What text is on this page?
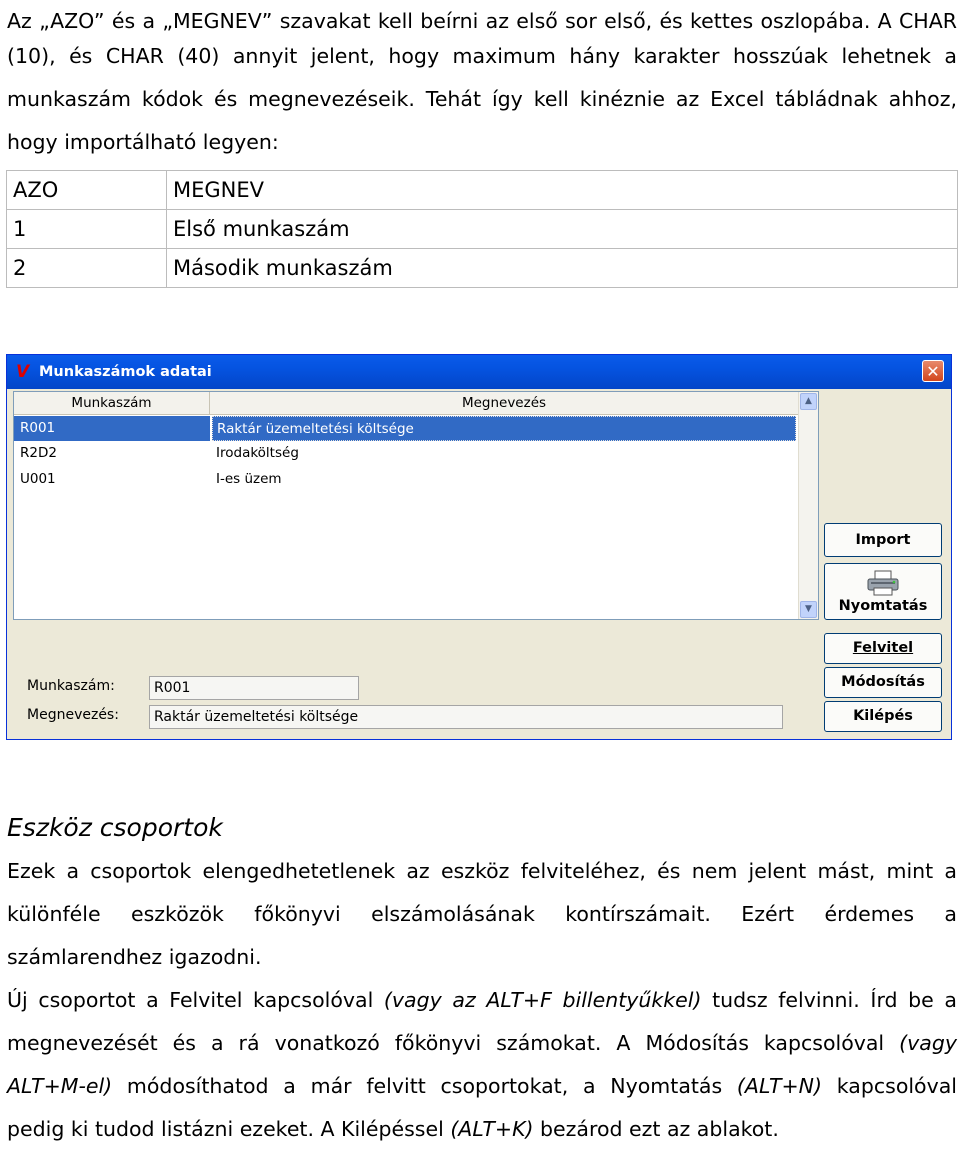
Az „AZO” és a „MEGNEV” szavakat kell beírni az első sor első, és kettes oszlopába. A CHAR
(10), és CHAR (40) annyit jelent, hogy maximum hány karakter hosszúak lehetnek a
munkaszám kódok és megnevezéseik. Tehát így kell kinéznie az Excel tábládnak ahhoz,
hogy importálható legyen:
AZO	MEGNEV
1	Első munkaszám
2	Második munkaszám
V Munkaszámok adatai	✕
Munkaszám	Megnevezés
R001	Raktár üzemeltetési költsége
R2D2	Irodaköltség
U001	I-es üzem
▲
▼
Import
Nyomtatás
Felvitel
Módosítás
Kilépés
Munkaszám:	R001
Megnevezés:	Raktár üzemeltetési költsége
Eszköz csoportok
Ezek a csoportok elengedhetetlenek az eszköz felviteléhez, és nem jelent mást, mint a
különféle eszközök főkönyvi elszámolásának kontírszámait. Ezért érdemes a
számlarendhez igazodni.
Új csoportot a Felvitel kapcsolóval (vagy az ALT+F billentyűkkel) tudsz felvinni. Írd be a
megnevezését és a rá vonatkozó főkönyvi számokat. A Módosítás kapcsolóval (vagy
ALT+M-el) módosíthatod a már felvitt csoportokat, a Nyomtatás (ALT+N) kapcsolóval
pedig ki tudod listázni ezeket. A Kilépéssel (ALT+K) bezárod ezt az ablakot.
